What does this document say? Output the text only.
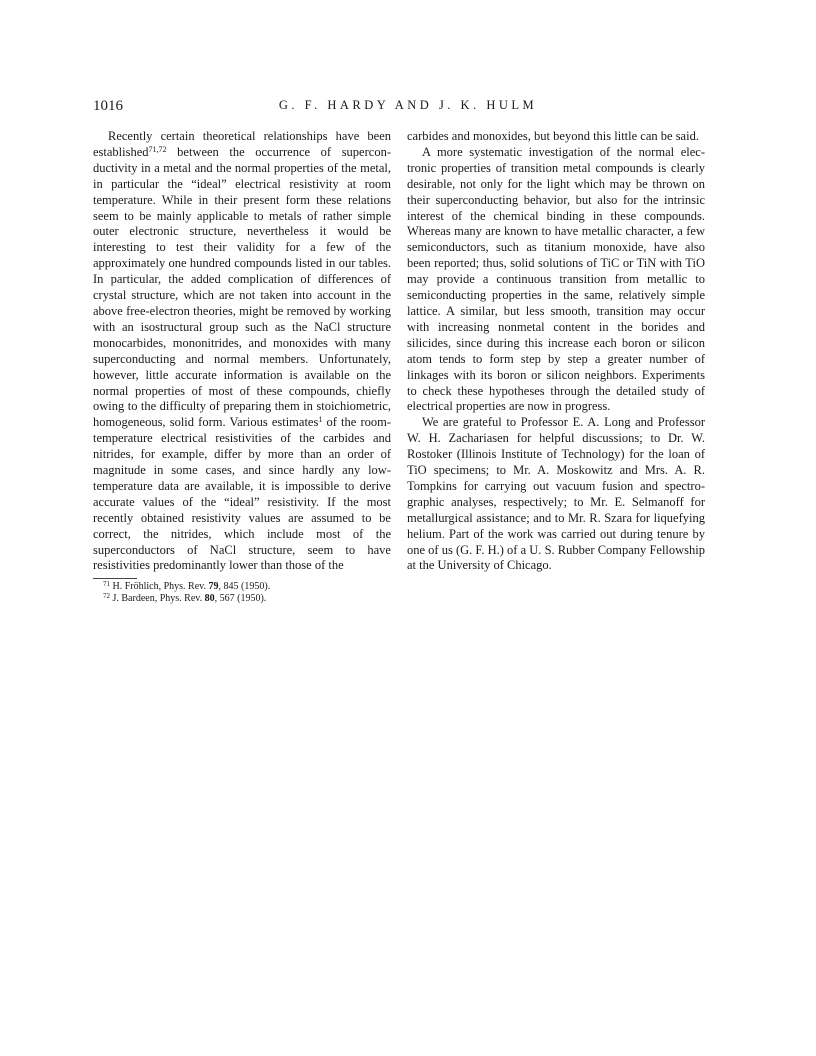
1016	G. F. HARDY AND J. K. HULM

Recently certain theoretical relationships have been established$^{71,72}$ between the occurrence of superconductivity in a metal and the normal properties of the metal, in particular the “ideal” electrical resistivity at room temperature. While in their present form these relations seem to be mainly applicable to metals of rather simple outer electronic structure, nevertheless it would be interesting to test their validity for a few of the approximately one hundred compounds listed in our tables. In particular, the added complication of differences of crystal structure, which are not taken into account in the above free-electron theories, might be removed by working with an isostructural group such as the NaCl structure monocarbides, mononitrides, and monoxides with many superconducting and normal members. Unfortunately, however, little accurate information is available on the normal properties of most of these compounds, chiefly owing to the difficulty of preparing them in stoichiometric, homogeneous, solid form. Various estimates$^1$ of the room-temperature electrical resistivities of the carbides and nitrides, for example, differ by more than an order of magnitude in some cases, and since hardly any low-temperature data are available, it is impossible to derive accurate values of the “ideal” resistivity. If the most recently obtained resistivity values are assumed to be correct, the nitrides, which include most of the superconductors of NaCl structure, seem to have resistivities predominantly lower than those of the

$^{71}$ H. Fröhlich, Phys. Rev. 79, 845 (1950).
$^{72}$ J. Bardeen, Phys. Rev. 80, 567 (1950).

carbides and monoxides, but beyond this little can be said.

A more systematic investigation of the normal electronic properties of transition metal compounds is clearly desirable, not only for the light which may be thrown on their superconducting behavior, but also for the intrinsic interest of the chemical binding in these compounds. Whereas many are known to have metallic character, a few semiconductors, such as titanium monoxide, have also been reported; thus, solid solutions of TiC or TiN with TiO may provide a continuous transition from metallic to semiconducting properties in the same, relatively simple lattice. A similar, but less smooth, transition may occur with increasing nonmetal content in the borides and silicides, since during this increase each boron or silicon atom tends to form step by step a greater number of linkages with its boron or silicon neighbors. Experiments to check these hypotheses through the detailed study of electrical properties are now in progress.

We are grateful to Professor E. A. Long and Professor W. H. Zachariasen for helpful discussions; to Dr. W. Rostoker (Illinois Institute of Technology) for the loan of TiO specimens; to Mr. A. Moskowitz and Mrs. A. R. Tompkins for carrying out vacuum fusion and spectrographic analyses, respectively; to Mr. E. Selmanoff for metallurgical assistance; and to Mr. R. Szara for liquefying helium. Part of the work was carried out during tenure by one of us (G. F. H.) of a U. S. Rubber Company Fellowship at the University of Chicago.
